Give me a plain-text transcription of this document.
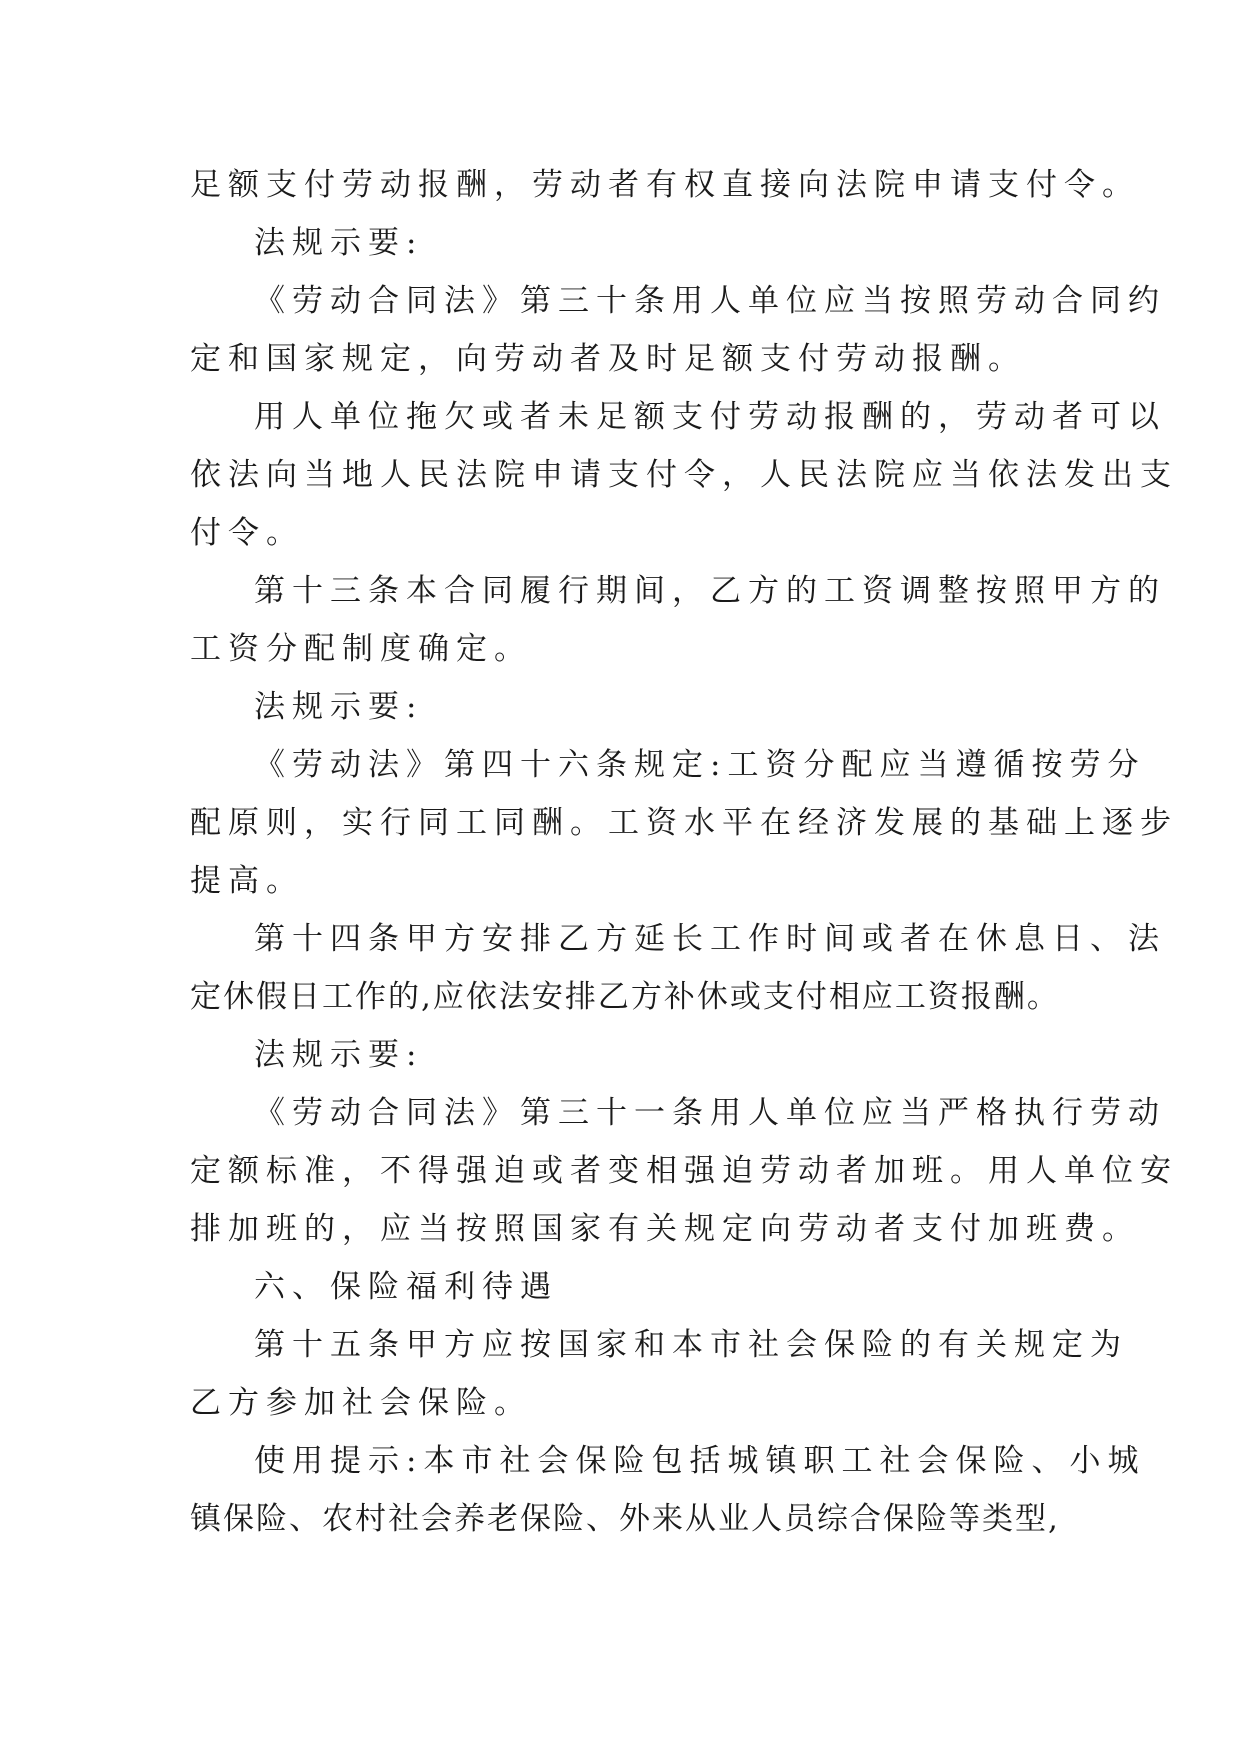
足额支付劳动报酬，劳动者有权直接向法院申请支付令。
法规示要:
《劳动合同法》第三十条用人单位应当按照劳动合同约
定和国家规定，向劳动者及时足额支付劳动报酬。
用人单位拖欠或者未足额支付劳动报酬的，劳动者可以
依法向当地人民法院申请支付令，人民法院应当依法发出支
付令。
第十三条本合同履行期间，乙方的工资调整按照甲方的
工资分配制度确定。
法规示要:
《劳动法》第四十六条规定:工资分配应当遵循按劳分
配原则，实行同工同酬。工资水平在经济发展的基础上逐步
提高。
第十四条甲方安排乙方延长工作时间或者在休息日、法
定休假日工作的,应依法安排乙方补休或支付相应工资报酬。
法规示要:
《劳动合同法》第三十一条用人单位应当严格执行劳动
定额标准，不得强迫或者变相强迫劳动者加班。用人单位安
排加班的，应当按照国家有关规定向劳动者支付加班费。
六、保险福利待遇
第十五条甲方应按国家和本市社会保险的有关规定为
乙方参加社会保险。
使用提示:本市社会保险包括城镇职工社会保险、小城
镇保险、农村社会养老保险、外来从业人员综合保险等类型,
